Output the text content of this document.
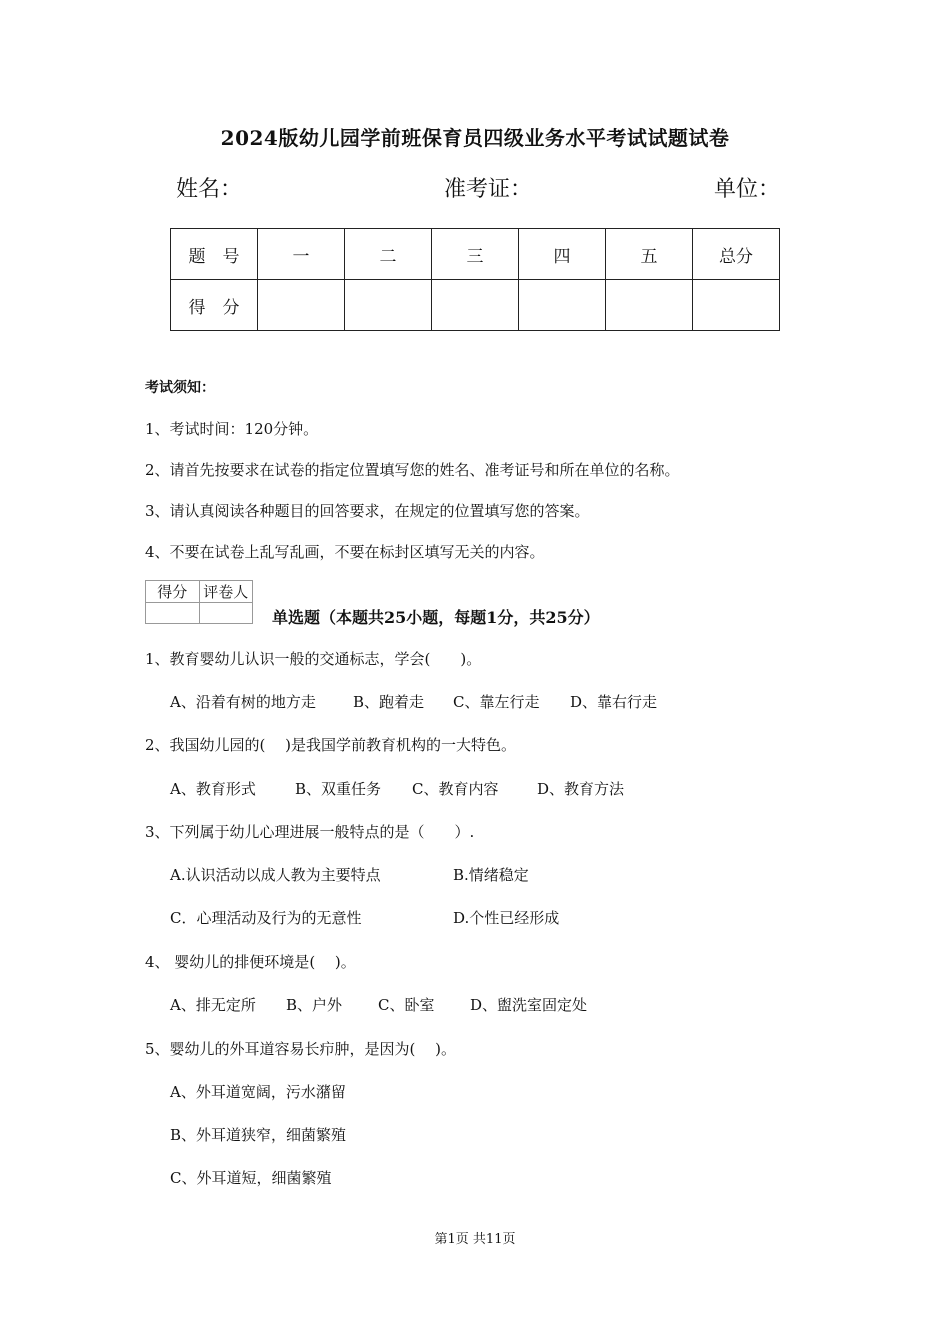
2024版幼儿园学前班保育员四级业务水平考试试题试卷
姓名：	准考证：	单位：
题　号	一	二	三	四	五	总分
得　分						
考试须知：
1、考试时间：120分钟。
2、请首先按要求在试卷的指定位置填写您的姓名、准考证号和所在单位的名称。
3、请认真阅读各种题目的回答要求，在规定的位置填写您的答案。
4、不要在试卷上乱写乱画，不要在标封区填写无关的内容。
得分	评卷人

单选题（本题共25小题，每题1分，共25分）
1、教育婴幼儿认识一般的交通标志，学会(　　)。
A、沿着有树的地方走 B、跑着走 C、靠左行走 D、靠右行走
2、我国幼儿园的(　 )是我国学前教育机构的一大特色。
A、教育形式	B、双重任务 C、教育内容	D、教育方法
3、下列属于幼儿心理进展一般特点的是（　　）.
A.认识活动以成人教为主要特点	B.情绪稳定
C．心理活动及行为的无意性	D.个性已经形成
4、 婴幼儿的排便环境是(　 )。
A、排无定所 B、户外 C、卧室 D、盥洗室固定处
5、婴幼儿的外耳道容易长疖肿，是因为(　 )。
A、外耳道宽阔，污水潴留
B、外耳道狭窄，细菌繁殖
C、外耳道短，细菌繁殖
第1页 共11页
